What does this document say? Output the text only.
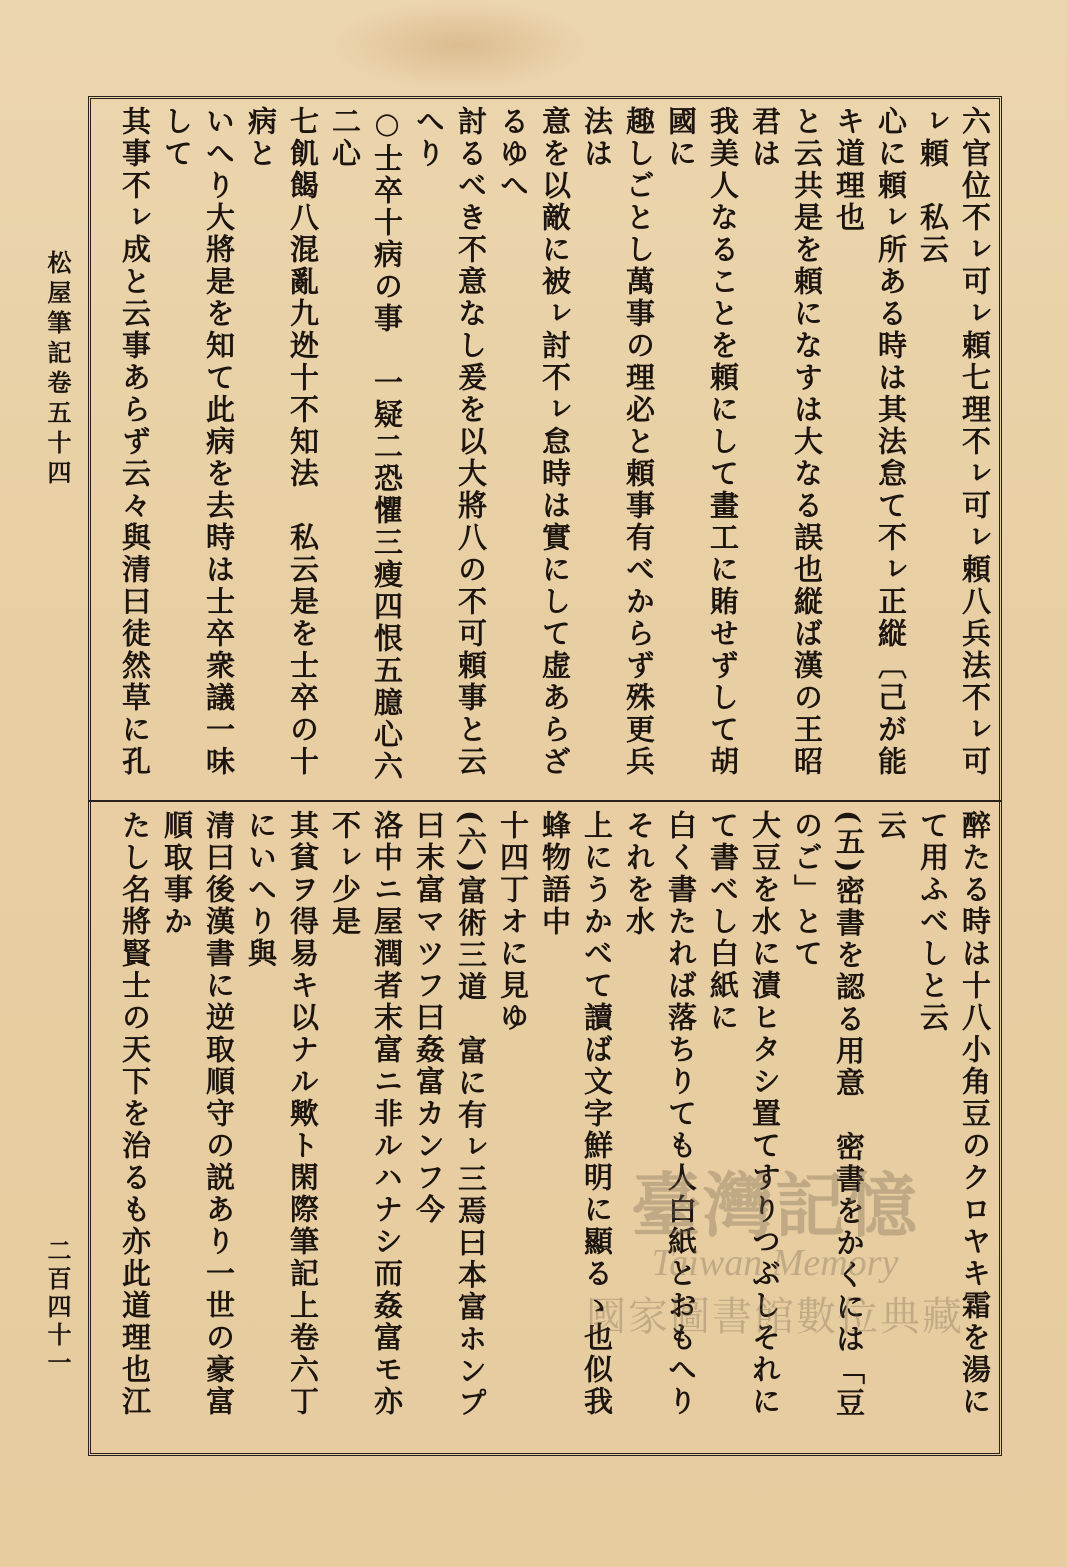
松屋筆記卷五十四
二百四十一
六官位不ㇾ可ㇾ頼七理不ㇾ可ㇾ頼八兵法不ㇾ可ㇾ頼　私云
心に頼ㇾ所ある時は其法怠て不ㇾ正縦〔己が能キ道理也
と云共是を頼になすは大なる誤也縦ば漢の王昭君は
我美人なることを頼にして畫工に賄せずして胡國に
趣しごとし萬事の理必と頼事有べからず殊更兵法は
意を以敵に被ㇾ討不ㇾ怠時は實にして虚あらざるゆへ
討るべき不意なし爰を以大將八の不可頼事と云へり
○士卒十病の事　一疑二恐懼三瘦四恨五臆心六二心
七飢餲八混亂九迯十不知法　私云是を士卒の十病と
いへり大將是を知て此病を去時は士卒衆議一味して
其事不ㇾ成と云事あらず云々與清曰徒然草に孔
醉たる時は十八小角豆のクロヤキ霜を湯にて用ふべしと云
云
(五)密書を認る用意　密書をかくには「豆のご」とて
大豆を水に漬ヒタシ置てすりつぶしそれにて書べし白紙に
白く書たれば落ちりても人白紙とおもへりそれを水
上にうかべて讀ば文字鮮明に顯るゝ也似我蜂物語中
十四丁オに見ゆ
(六)富術三道　富に有ㇾ三焉曰本富ホンプ曰末富マツフ曰姦富カンフ今
洛中ニ屋潤者末富ニ非ルハナシ而姦富モ亦不ㇾ少是
其貧ヲ得易キ以ナル歟ト閑際筆記上卷六丁にいへり與
清曰後漢書に逆取順守の説あり一世の豪富順取事か
たし名將賢士の天下を治るも亦此道理也江
臺灣記憶
Taiwan Memory
國家圖書館數位典藏
